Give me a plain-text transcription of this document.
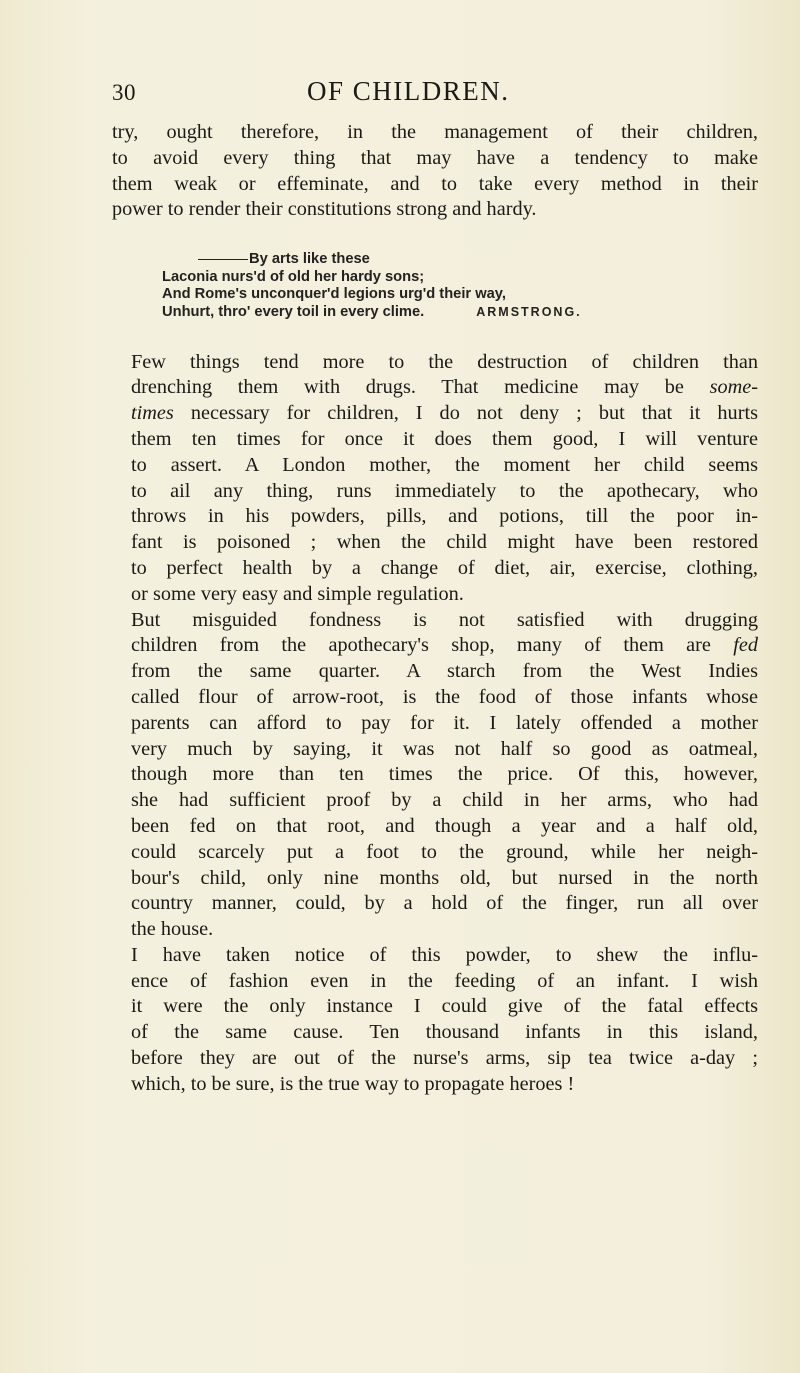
30	OF CHILDREN.

try, ought therefore, in the management of their children,
to avoid every thing that may have a tendency to make
them weak or effeminate, and to take every method in their
power to render their constitutions strong and hardy.

By arts like these
Laconia nurs'd of old her hardy sons;
And Rome's unconquer'd legions urg'd their way,
Unhurt, thro' every toil in every clime.	ARMSTRONG.

Few things tend more to the destruction of children than
drenching them with drugs. That medicine may be some-
times necessary for children, I do not deny ; but that it hurts
them ten times for once it does them good, I will venture
to assert. A London mother, the moment her child seems
to ail any thing, runs immediately to the apothecary, who
throws in his powders, pills, and potions, till the poor in-
fant is poisoned ; when the child might have been restored
to perfect health by a change of diet, air, exercise, clothing,
or some very easy and simple regulation.

But misguided fondness is not satisfied with drugging
children from the apothecary's shop, many of them are fed
from the same quarter. A starch from the West Indies
called flour of arrow-root, is the food of those infants whose
parents can afford to pay for it. I lately offended a mother
very much by saying, it was not half so good as oatmeal,
though more than ten times the price. Of this, however,
she had sufficient proof by a child in her arms, who had
been fed on that root, and though a year and a half old,
could scarcely put a foot to the ground, while her neigh-
bour's child, only nine months old, but nursed in the north
country manner, could, by a hold of the finger, run all over
the house.

I have taken notice of this powder, to shew the influ-
ence of fashion even in the feeding of an infant. I wish
it were the only instance I could give of the fatal effects
of the same cause. Ten thousand infants in this island,
before they are out of the nurse's arms, sip tea twice a-day ;
which, to be sure, is the true way to propagate heroes !
